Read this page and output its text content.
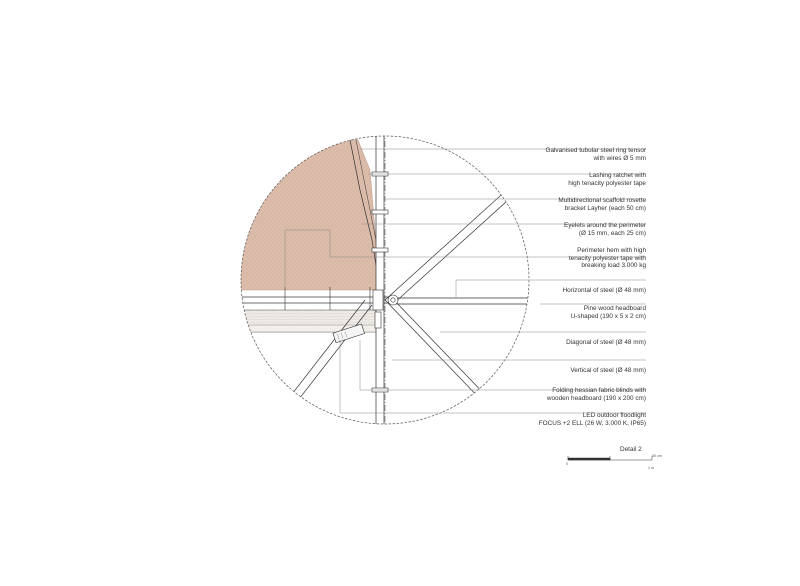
Galvanised tubular steel ring tensor
with wires Ø 5 mm

Lashing ratchet with
high tenacity polyester tape

Multidirectional scaffold rosette
bracket Layher (each 50 cm)

Eyelets around the perimeter
(Ø 15 mm, each 25 cm)

Perimeter hem with high
tenacity polyester tape with
breaking load 3.000 kg

Horizontal of steel (Ø 48 mm)

Pine wood headboard
U-shaped (190 x 5 x 2 cm)

Diagonal of steel (Ø 48 mm)

Vertical of steel (Ø 48 mm)

Folding hessian fabric blinds with
wooden headboard (190 x 200 cm)

LED outdoor floodlight
FOCUS +2 ELL (26 W, 3.000 K, IP65)

Detail 2
0
50 cm
1 m
